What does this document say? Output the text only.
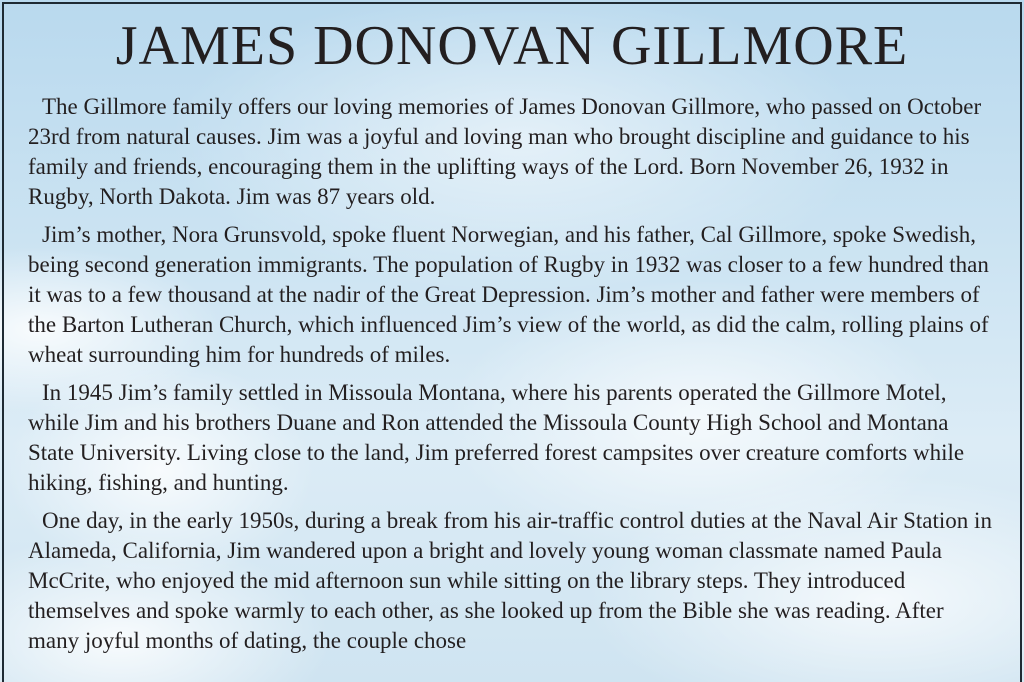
JAMES DONOVAN GILLMORE

The Gillmore family offers our loving memories of James Donovan Gillmore, who passed on October 23rd from natural causes. Jim was a joyful and loving man who brought discipline and guidance to his family and friends, encouraging them in the uplifting ways of the Lord. Born November 26, 1932 in Rugby, North Dakota. Jim was 87 years old.

Jim’s mother, Nora Grunsvold, spoke fluent Norwegian, and his father, Cal Gillmore, spoke Swedish, being second generation immigrants. The population of Rugby in 1932 was closer to a few hundred than it was to a few thousand at the nadir of the Great Depression. Jim’s mother and father were members of the Barton Lutheran Church, which influenced Jim’s view of the world, as did the calm, rolling plains of wheat surrounding him for hundreds of miles.

In 1945 Jim’s family settled in Missoula Montana, where his parents operated the Gillmore Motel, while Jim and his brothers Duane and Ron attended the Missoula County High School and Montana State University. Living close to the land, Jim preferred forest campsites over creature comforts while hiking, fishing, and hunting.

One day, in the early 1950s, during a break from his air-traffic control duties at the Naval Air Station in Alameda, California, Jim wandered upon a bright and lovely young woman classmate named Paula McCrite, who enjoyed the mid afternoon sun while sitting on the library steps. They introduced themselves and spoke warmly to each other, as she looked up from the Bible she was reading. After many joyful months of dating, the couple chose
